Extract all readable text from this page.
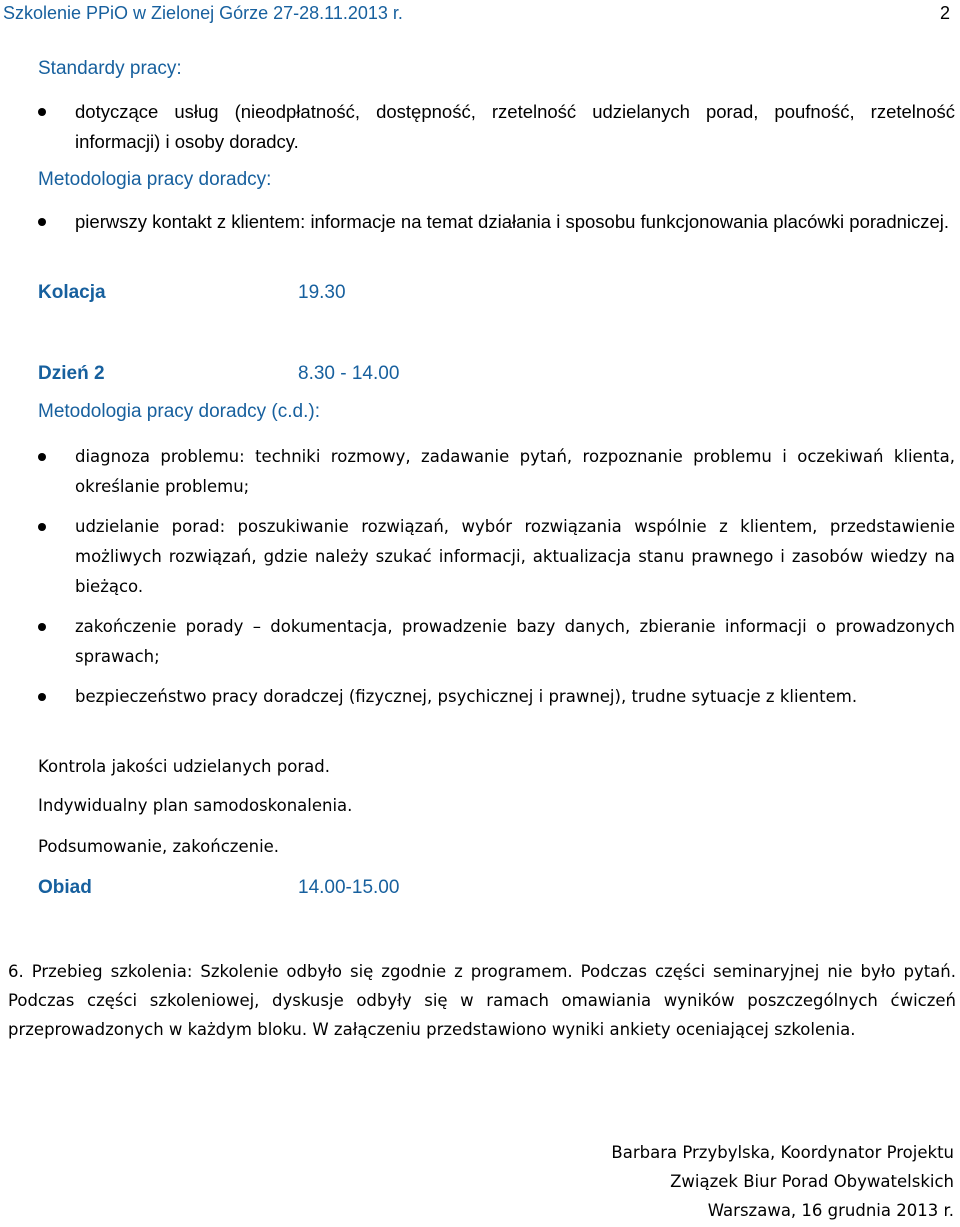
Szkolenie PPiO w Zielonej Górze 27-28.11.2013 r.	2
Standardy pracy:
dotyczące usług (nieodpłatność, dostępność, rzetelność udzielanych porad, poufność, rzetelność informacji) i osoby doradcy.
Metodologia pracy doradcy:
pierwszy kontakt z klientem: informacje na temat działania i sposobu funkcjonowania placówki poradniczej.
Kolacja	19.30
Dzień 2	8.30 - 14.00
Metodologia pracy doradcy (c.d.):
diagnoza problemu: techniki rozmowy, zadawanie pytań, rozpoznanie problemu i oczekiwań klienta, określanie problemu;
udzielanie porad: poszukiwanie rozwiązań, wybór rozwiązania wspólnie z klientem, przedstawienie możliwych rozwiązań, gdzie należy szukać informacji, aktualizacja stanu prawnego i zasobów wiedzy na bieżąco.
zakończenie porady – dokumentacja, prowadzenie bazy danych, zbieranie informacji o prowadzonych sprawach;
bezpieczeństwo pracy doradczej (fizycznej, psychicznej i prawnej), trudne sytuacje z klientem.
Kontrola jakości udzielanych porad.
Indywidualny plan samodoskonalenia.
Podsumowanie, zakończenie.
Obiad	14.00-15.00
6. Przebieg szkolenia: Szkolenie odbyło się zgodnie z programem. Podczas części seminaryjnej nie było pytań. Podczas części szkoleniowej, dyskusje odbyły się w ramach omawiania wyników poszczególnych ćwiczeń przeprowadzonych w każdym bloku. W załączeniu przedstawiono wyniki ankiety oceniającej szkolenia.
Barbara Przybylska, Koordynator Projektu
Związek Biur Porad Obywatelskich
Warszawa, 16 grudnia 2013 r.
